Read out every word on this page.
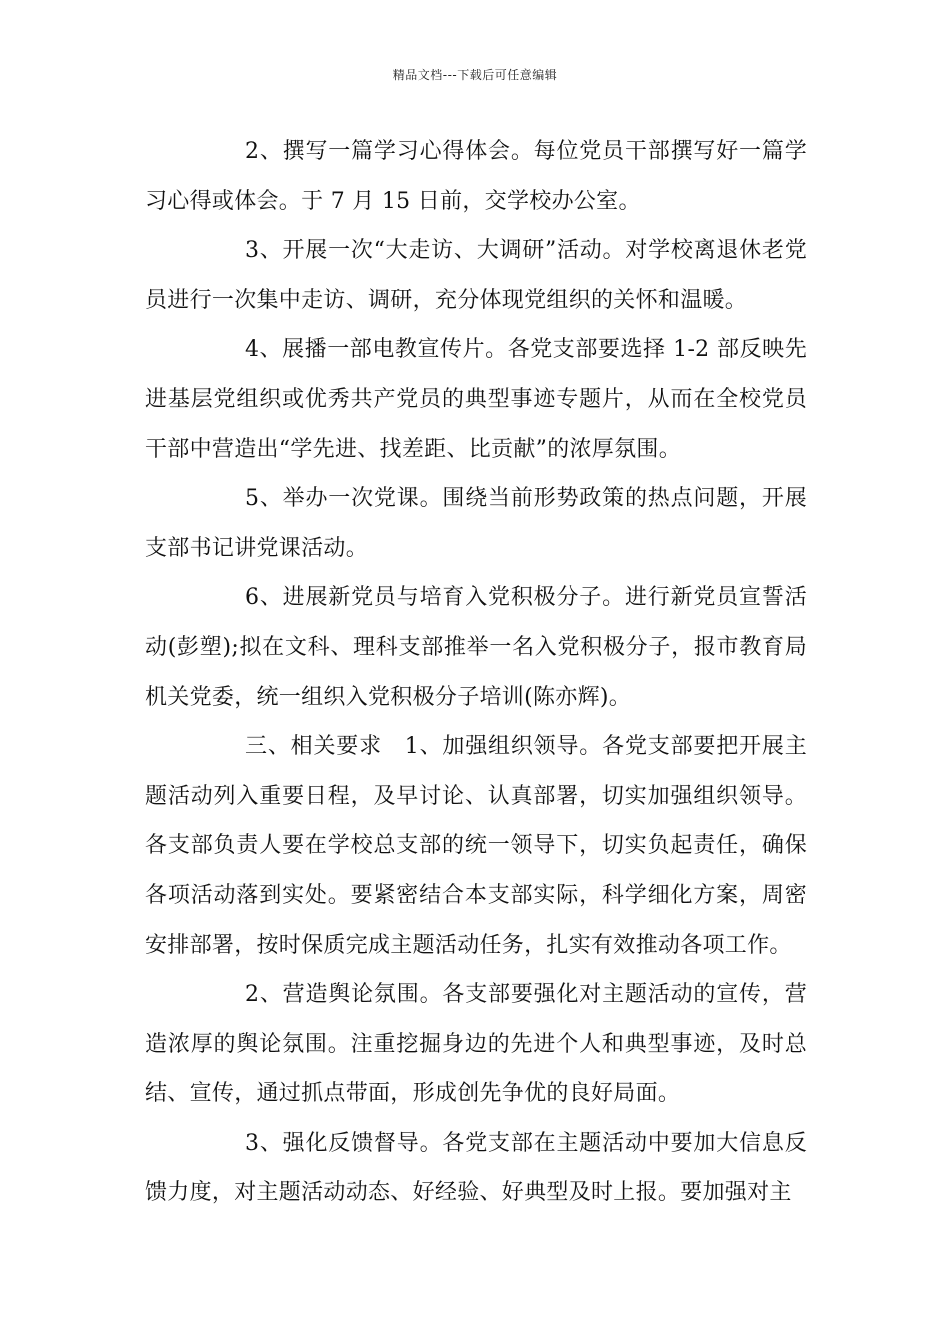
精品文档---下载后可任意编辑

2、撰写一篇学习心得体会。每位党员干部撰写好一篇学习心得或体会。于 7 月 15 日前，交学校办公室。

3、开展一次“大走访、大调研”活动。对学校离退休老党员进行一次集中走访、调研，充分体现党组织的关怀和温暖。

4、展播一部电教宣传片。各党支部要选择 1-2 部反映先进基层党组织或优秀共产党员的典型事迹专题片，从而在全校党员干部中营造出“学先进、找差距、比贡献”的浓厚氛围。

5、举办一次党课。围绕当前形势政策的热点问题，开展支部书记讲党课活动。

6、进展新党员与培育入党积极分子。进行新党员宣誓活动(彭塑);拟在文科、理科支部推举一名入党积极分子，报市教育局机关党委，统一组织入党积极分子培训(陈亦辉)。

三、相关要求　1、加强组织领导。各党支部要把开展主题活动列入重要日程，及早讨论、认真部署，切实加强组织领导。各支部负责人要在学校总支部的统一领导下，切实负起责任，确保各项活动落到实处。要紧密结合本支部实际，科学细化方案，周密安排部署，按时保质完成主题活动任务，扎实有效推动各项工作。

2、营造舆论氛围。各支部要强化对主题活动的宣传，营造浓厚的舆论氛围。注重挖掘身边的先进个人和典型事迹，及时总结、宣传，通过抓点带面，形成创先争优的良好局面。

3、强化反馈督导。各党支部在主题活动中要加大信息反馈力度，对主题活动动态、好经验、好典型及时上报。要加强对主
